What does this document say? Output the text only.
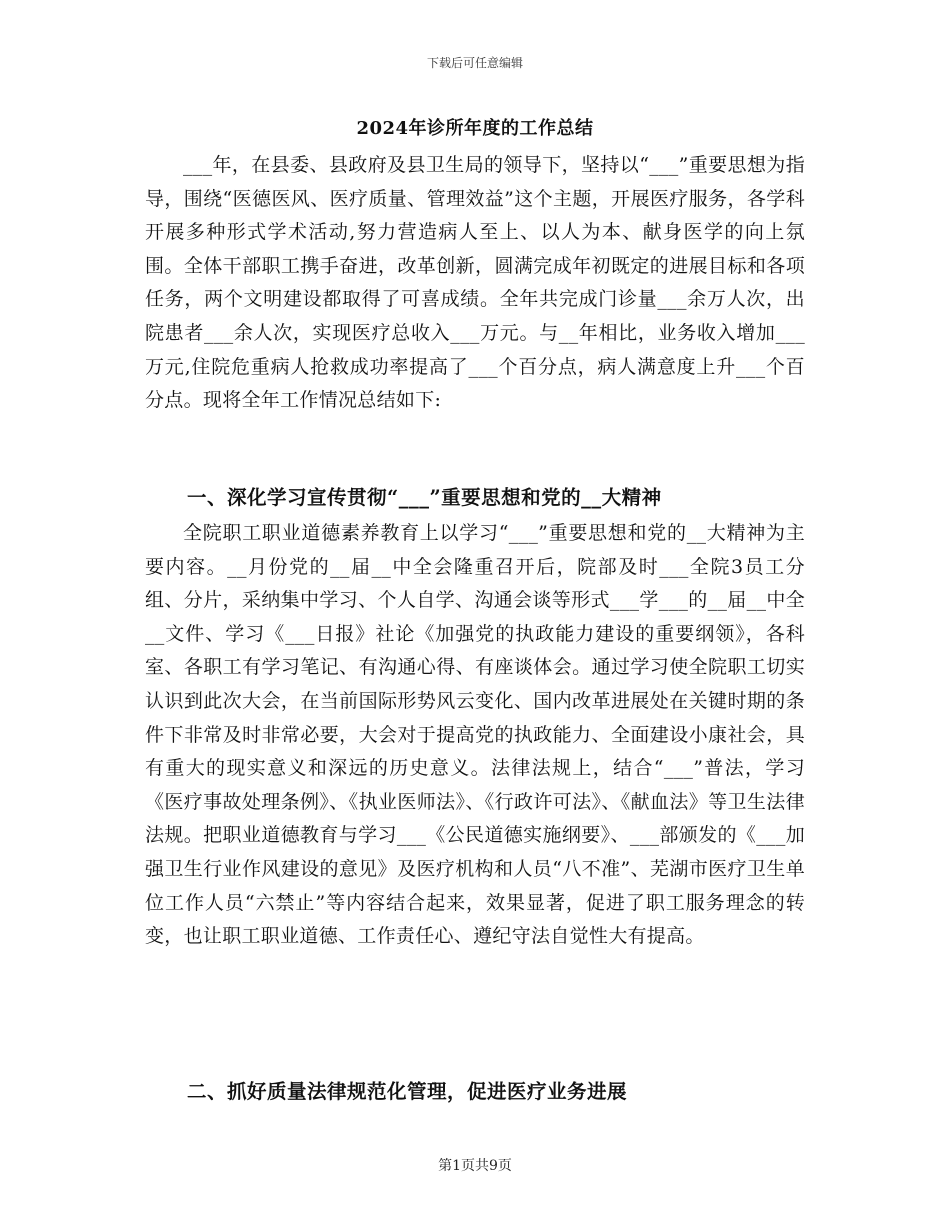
下载后可任意编辑
2024年诊所年度的工作总结

___年，在县委、县政府及县卫生局的领导下，坚持以“___”重要思想为指导，围绕“医德医风、医疗质量、管理效益”这个主题，开展医疗服务，各学科开展多种形式学术活动,努力营造病人至上、以人为本、献身医学的向上氛围。全体干部职工携手奋进，改革创新，圆满完成年初既定的进展目标和各项任务，两个文明建设都取得了可喜成绩。全年共完成门诊量___余万人次，出院患者___余人次，实现医疗总收入___万元。与__年相比，业务收入增加___万元,住院危重病人抢救成功率提高了___个百分点，病人满意度上升___个百分点。现将全年工作情况总结如下:

一、深化学习宣传贯彻“___”重要思想和党的__大精神

全院职工职业道德素养教育上以学习“___”重要思想和党的__大精神为主要内容。__月份党的__届__中全会隆重召开后，院部及时___全院3员工分组、分片，采纳集中学习、个人自学、沟通会谈等形式___学___的__届__中全__文件、学习《___日报》社论《加强党的执政能力建设的重要纲领》，各科室、各职工有学习笔记、有沟通心得、有座谈体会。通过学习使全院职工切实认识到此次大会，在当前国际形势风云变化、国内改革进展处在关键时期的条件下非常及时非常必要，大会对于提高党的执政能力、全面建设小康社会，具有重大的现实意义和深远的历史意义。法律法规上，结合“___”普法，学习《医疗事故处理条例》、《执业医师法》、《行政许可法》、《献血法》等卫生法律法规。把职业道德教育与学习___《公民道德实施纲要》、___部颁发的《___加强卫生行业作风建设的意见》及医疗机构和人员“八不准”、芜湖市医疗卫生单位工作人员“六禁止”等内容结合起来，效果显著，促进了职工服务理念的转变，也让职工职业道德、工作责任心、遵纪守法自觉性大有提高。

二、抓好质量法律规范化管理，促进医疗业务进展
第1页共9页
